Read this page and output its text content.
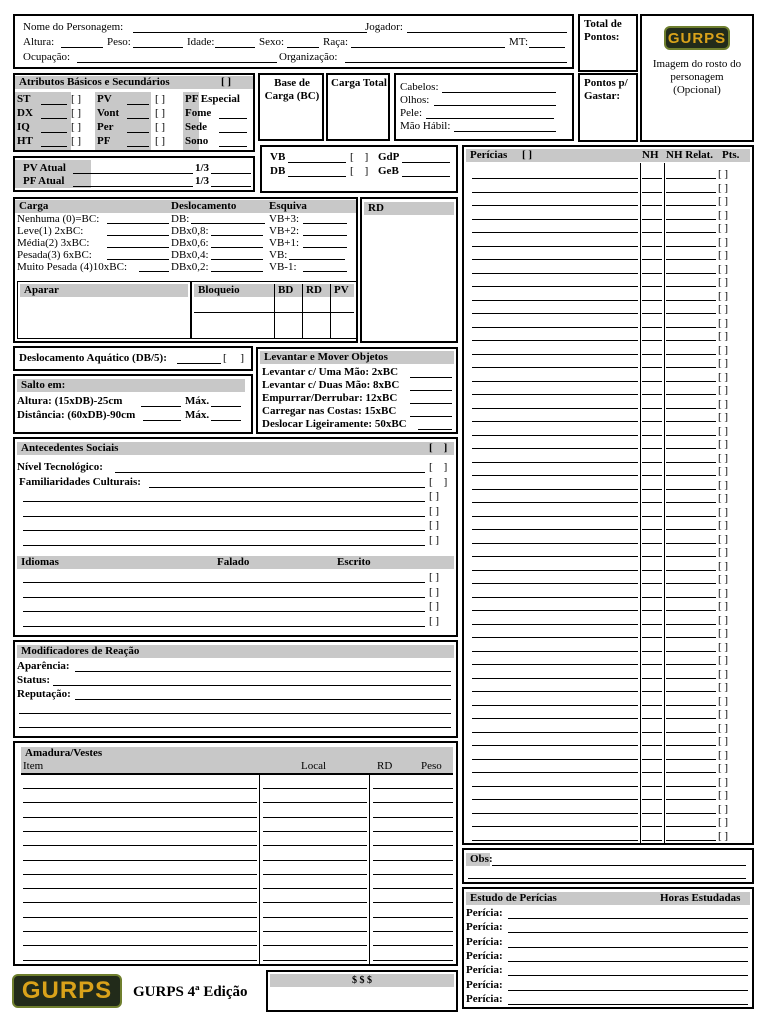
Nome do Personagem:	Jogador:
Altura:	Peso:	Idade:	Sexo:	Raça:	MT:
Ocupação:	Organização:
Total de Pontos:	GURPS
Imagem do rosto do personagem (Opcional)
Atributos Básicos e Secundários	[ ]
ST	[ ] PV	[ ] PF Especial
DX	[ ] Vont	[ ] Fome
IQ	[ ] Per	[ ] Sede
HT	[ ] PF	[ ] Sono
Base de Carga (BC)
Carga Total Cabelos:
Olhos:
Pele:
Mão Hábil:
Pontos p/ Gastar:
PV Atual	1/3
PF Atual	1/3
VB	[    ] GdP
DB	[    ] GeB
Carga	Deslocamento	Esquiva
Nenhuma (0)=BC:	DB:	VB+3:
Leve(1) 2xBC:	DBx0,8:	VB+2:
Média(2) 3xBC:	DBx0,6:	VB+1:
Pesada(3) 6xBC:	DBx0,4:	VB:
Muito Pesada (4)10xBC:	DBx0,2:	VB-1:
Aparar	Bloqueio	BD RD PV
RD
Perícias [ ]	NH NH Relat. Pts.
[ ]
[ ]
[ ]
[ ]
[ ]
[ ]
[ ]
[ ]
[ ]
[ ]
[ ]
[ ]
[ ]
[ ]
[ ]
[ ]
[ ]
[ ]
[ ]
[ ]
[ ]
[ ]
[ ]
[ ]
[ ]
[ ]
[ ]
[ ]
[ ]
[ ]
[ ]
[ ]
[ ]
[ ]
[ ]
[ ]
[ ]
[ ]
[ ]
[ ]
[ ]
[ ]
[ ]
[ ]
[ ]
[ ]
[ ]
[ ]
[ ]
[ ]
Deslocamento Aquático (DB/5):	[     ]	Levantar e Mover Objetos
Levantar c/ Uma Mão: 2xBC
Levantar c/ Duas Mão: 8xBC
Empurrar/Derrubar: 12xBC
Carregar nas Costas: 15xBC
Deslocar Ligeiramente: 50xBC
Salto em:
Altura: (15xDB)-25cm	Máx.
Distância: (60xDB)-90cm	Máx.
Antecedentes Sociais	[    ]
Nível Tecnológico:	[    ]
Familiaridades Culturais:	[    ]
[ ]
[ ]
[ ]
[ ]
Idiomas	Falado	Escrito
[ ]
[ ]
[ ]
[ ]
Modificadores de Reação
Aparência:
Status:
Reputação:
Amadura/Vestes
Item	Local	RD	Peso
Obs:
Estudo de Perícias	Horas Estudadas
Perícia:
Perícia:
Perícia:
Perícia:
Perícia:
Perícia:
Perícia:
GURPS	GURPS 4ª Edição
$ $ $
